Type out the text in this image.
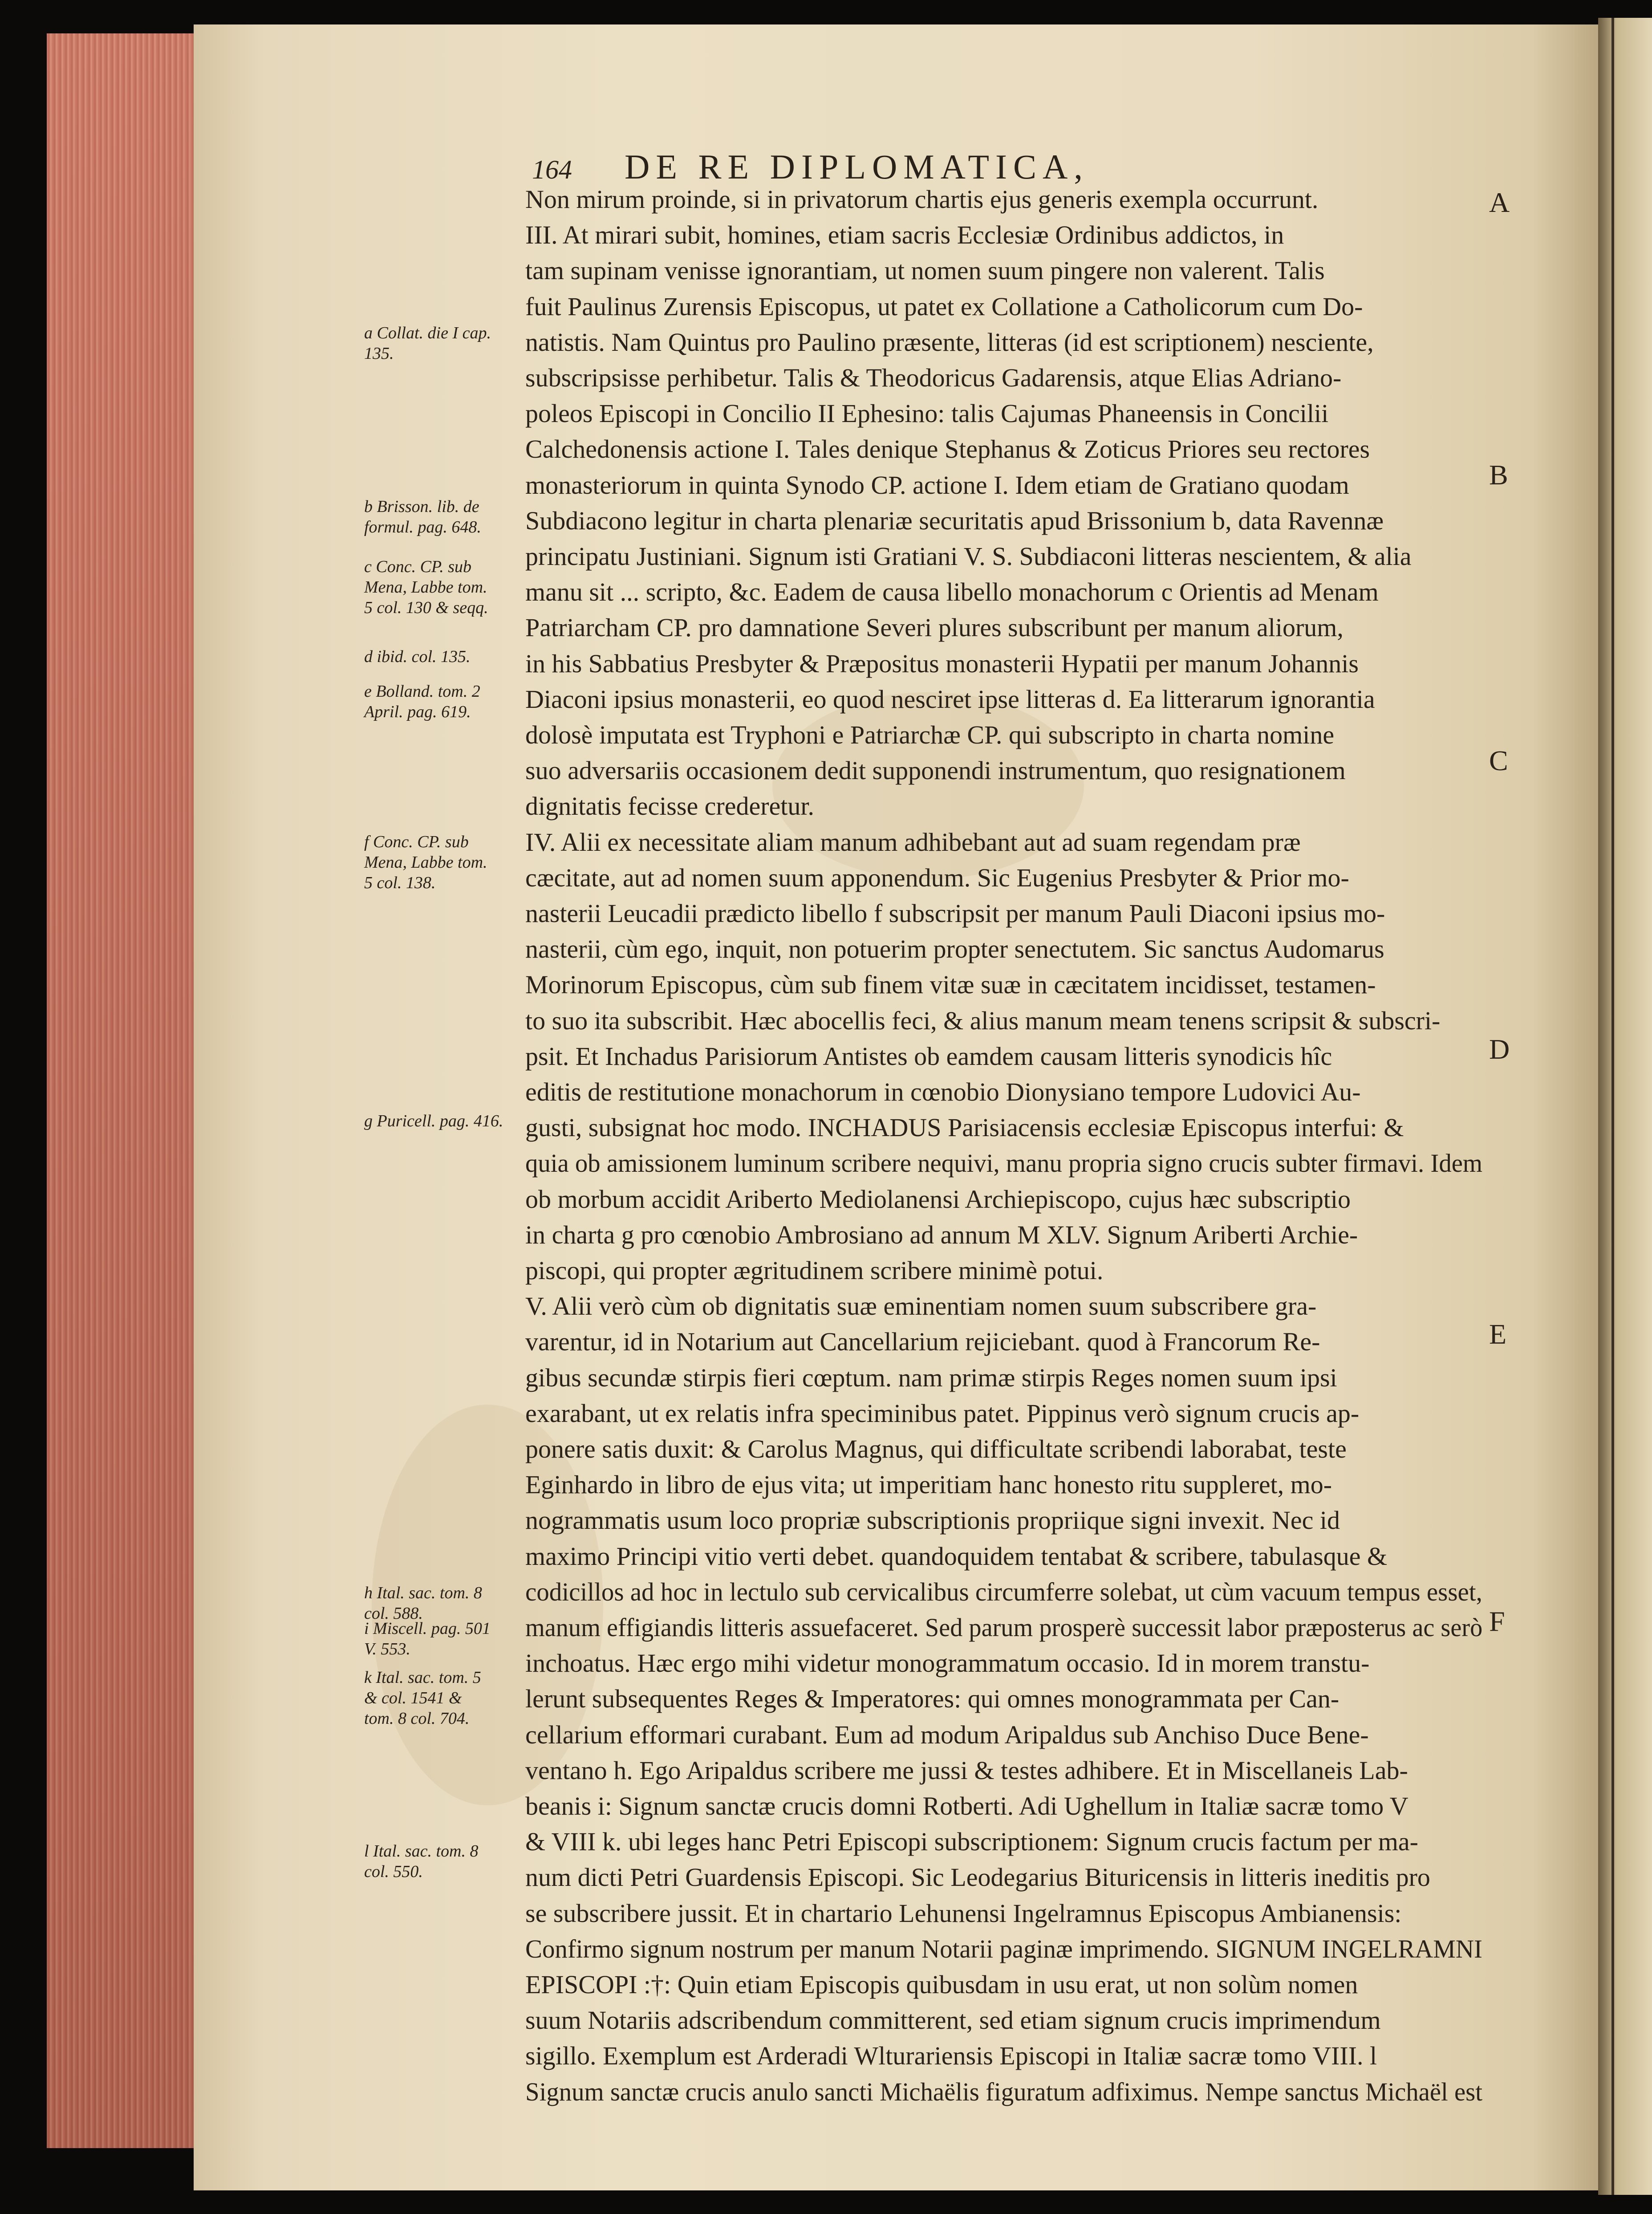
164 DE RE DIPLOMATICA,
Non mirum proinde, si in privatorum chartis ejus generis exempla occurrunt.
III. At mirari subit, homines, etiam sacris Ecclesiæ Ordinibus addictos, in
tam supinam venisse ignorantiam, ut nomen suum pingere non valerent. Talis
fuit Paulinus Zurensis Episcopus, ut patet ex Collatione a Catholicorum cum Do-
natistis. Nam Quintus pro Paulino præsente, litteras (id est scriptionem) nesciente,
subscripsisse perhibetur. Talis & Theodoricus Gadarensis, atque Elias Adriano-
poleos Episcopi in Concilio II Ephesino: talis Cajumas Phaneensis in Concilii
Calchedonensis actione I. Tales denique Stephanus & Zoticus Priores seu rectores
monasteriorum in quinta Synodo CP. actione I. Idem etiam de Gratiano quodam
Subdiacono legitur in charta plenariæ securitatis apud Brissonium b, data Ravennæ
principatu Justiniani. Signum isti Gratiani V. S. Subdiaconi litteras nescientem, & alia
manu sit ... scripto, &c. Eadem de causa libello monachorum c Orientis ad Menam
Patriarcham CP. pro damnatione Severi plures subscribunt per manum aliorum,
in his Sabbatius Presbyter & Præpositus monasterii Hypatii per manum Johannis
Diaconi ipsius monasterii, eo quod nesciret ipse litteras d. Ea litterarum ignorantia
dolosè imputata est Tryphoni e Patriarchæ CP. qui subscripto in charta nomine
suo adversariis occasionem dedit supponendi instrumentum, quo resignationem
dignitatis fecisse crederetur.
IV. Alii ex necessitate aliam manum adhibebant aut ad suam regendam præ
cæcitate, aut ad nomen suum apponendum. Sic Eugenius Presbyter & Prior mo-
nasterii Leucadii prædicto libello f subscripsit per manum Pauli Diaconi ipsius mo-
nasterii, cùm ego, inquit, non potuerim propter senectutem. Sic sanctus Audomarus
Morinorum Episcopus, cùm sub finem vitæ suæ in cæcitatem incidisset, testamen-
to suo ita subscribit. Hæc abocellis feci, & alius manum meam tenens scripsit & subscri-
psit. Et Inchadus Parisiorum Antistes ob eamdem causam litteris synodicis hîc
editis de restitutione monachorum in cœnobio Dionysiano tempore Ludovici Au-
gusti, subsignat hoc modo. INCHADUS Parisiacensis ecclesiæ Episcopus interfui: &
quia ob amissionem luminum scribere nequivi, manu propria signo crucis subter firmavi. Idem
ob morbum accidit Ariberto Mediolanensi Archiepiscopo, cujus hæc subscriptio
in charta g pro cœnobio Ambrosiano ad annum M XLV. Signum Ariberti Archie-
piscopi, qui propter ægritudinem scribere minimè potui.
V. Alii verò cùm ob dignitatis suæ eminentiam nomen suum subscribere gra-
varentur, id in Notarium aut Cancellarium rejiciebant. quod à Francorum Re-
gibus secundæ stirpis fieri cœptum. nam primæ stirpis Reges nomen suum ipsi
exarabant, ut ex relatis infra speciminibus patet. Pippinus verò signum crucis ap-
ponere satis duxit: & Carolus Magnus, qui difficultate scribendi laborabat, teste
Eginhardo in libro de ejus vita; ut imperitiam hanc honesto ritu suppleret, mo-
nogrammatis usum loco propriæ subscriptionis propriique signi invexit. Nec id
maximo Principi vitio verti debet. quandoquidem tentabat & scribere, tabulasque &
codicillos ad hoc in lectulo sub cervicalibus circumferre solebat, ut cùm vacuum tempus esset,
manum effigiandis litteris assuefaceret. Sed parum prosperè successit labor præposterus ac serò
inchoatus. Hæc ergo mihi videtur monogrammatum occasio. Id in morem transtu-
lerunt subsequentes Reges & Imperatores: qui omnes monogrammata per Can-
cellarium efformari curabant. Eum ad modum Aripaldus sub Anchiso Duce Bene-
ventano h. Ego Aripaldus scribere me jussi & testes adhibere. Et in Miscellaneis Lab-
beanis i: Signum sanctæ crucis domni Rotberti. Adi Ughellum in Italiæ sacræ tomo V
& VIII k. ubi leges hanc Petri Episcopi subscriptionem: Signum crucis factum per ma-
num dicti Petri Guardensis Episcopi. Sic Leodegarius Bituricensis in litteris ineditis pro
se subscribere jussit. Et in chartario Lehunensi Ingelramnus Episcopus Ambianensis:
Confirmo signum nostrum per manum Notarii paginæ imprimendo. SIGNUM INGELRAMNI
EPISCOPI :†: Quin etiam Episcopis quibusdam in usu erat, ut non solùm nomen
suum Notariis adscribendum committerent, sed etiam signum crucis imprimendum
sigillo. Exemplum est Arderadi Wlturariensis Episcopi in Italiæ sacræ tomo VIII. l
Signum sanctæ crucis anulo sancti Michaëlis figuratum adfiximus. Nempe sanctus Michaël est
a Collat. die I cap.
135.
b Brisson. lib. de
formul. pag. 648.
c Conc. CP. sub
Mena, Labbe tom.
5 col. 130 & seqq.
d ibid. col. 135.
e Bolland. tom. 2
April. pag. 619.
f Conc. CP. sub
Mena, Labbe tom.
5 col. 138.
g Puricell. pag. 416.
h Ital. sac. tom. 8
col. 588.
i Miscell. pag. 501
V. 553.
k Ital. sac. tom. 5
& col. 1541 &
tom. 8 col. 704.
l Ital. sac. tom. 8
col. 550.
A
B
C
D
E
F
